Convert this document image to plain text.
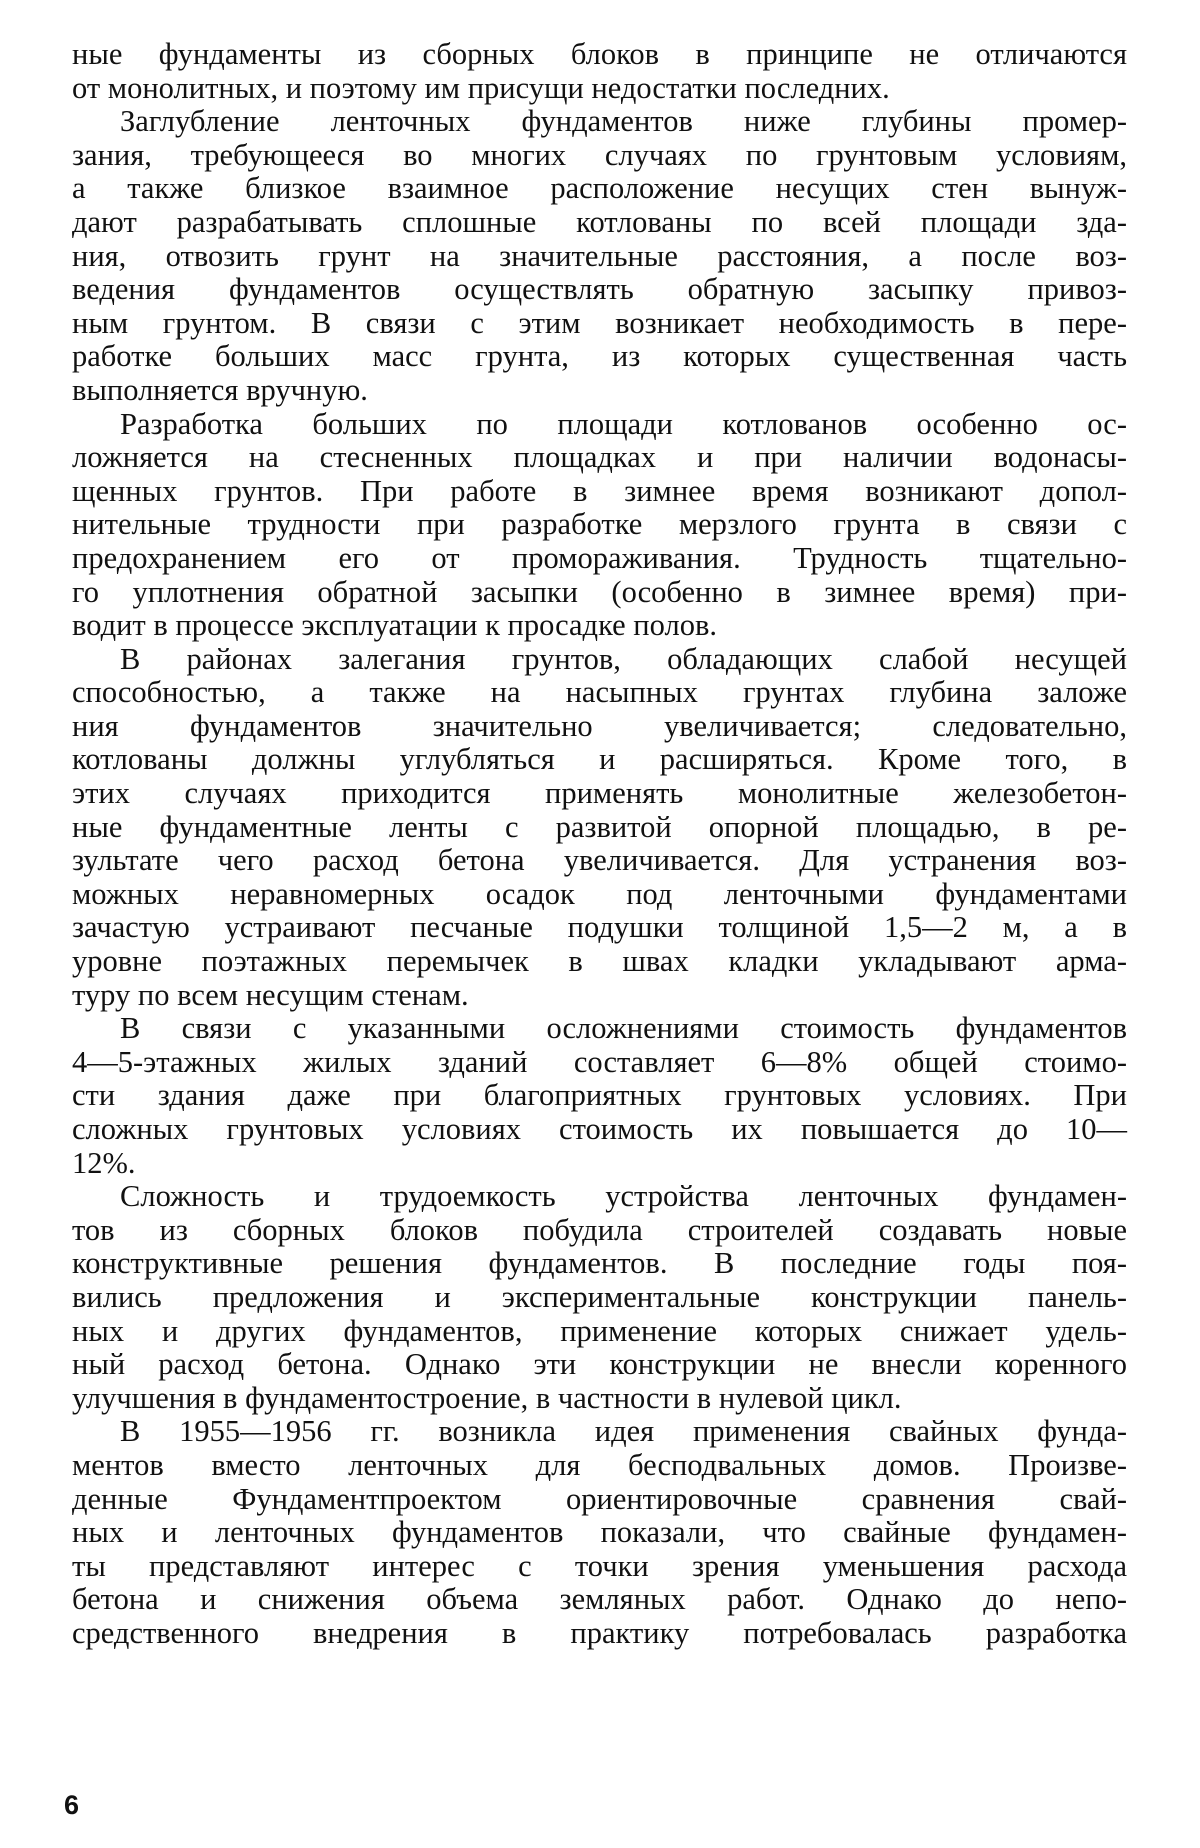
ные фундаменты из сборных блоков в принципе не отличаются
от монолитных, и поэтому им присущи недостатки последних.
Заглубление ленточных фундаментов ниже глубины промер-
зания, требующееся во многих случаях по грунтовым условиям,
а также близкое взаимное расположение несущих стен вынуж-
дают разрабатывать сплошные котлованы по всей площади зда-
ния, отвозить грунт на значительные расстояния, а после воз-
ведения фундаментов осуществлять обратную засыпку привоз-
ным грунтом. В связи с этим возникает необходимость в пере-
работке больших масс грунта, из которых существенная часть
выполняется вручную.
Разработка больших по площади котлованов особенно ос-
ложняется на стесненных площадках и при наличии водонасы-
щенных грунтов. При работе в зимнее время возникают допол-
нительные трудности при разработке мерзлого грунта в связи с
предохранением его от промораживания. Трудность тщательно-
го уплотнения обратной засыпки (особенно в зимнее время) при-
водит в процессе эксплуатации к просадке полов.
В районах залегания грунтов, обладающих слабой несущей
способностью, а также на насыпных грунтах глубина заложе
ния фундаментов значительно увеличивается; следовательно,
котлованы должны углубляться и расширяться. Кроме того, в
этих случаях приходится применять монолитные железобетон-
ные фундаментные ленты с развитой опорной площадью, в ре-
зультате чего расход бетона увеличивается. Для устранения воз-
можных неравномерных осадок под ленточными фундаментами
зачастую устраивают песчаные подушки толщиной 1,5—2 м, а в
уровне поэтажных перемычек в швах кладки укладывают арма-
туру по всем несущим стенам.
В связи с указанными осложнениями стоимость фундаментов
4—5-этажных жилых зданий составляет 6—8% общей стоимо-
сти здания даже при благоприятных грунтовых условиях. При
сложных грунтовых условиях стоимость их повышается до 10—
12%.
Сложность и трудоемкость устройства ленточных фундамен-
тов из сборных блоков побудила строителей создавать новые
конструктивные решения фундаментов. В последние годы поя-
вились предложения и экспериментальные конструкции панель-
ных и других фундаментов, применение которых снижает удель-
ный расход бетона. Однако эти конструкции не внесли коренного
улучшения в фундаментостроение, в частности в нулевой цикл.
В 1955—1956 гг. возникла идея применения свайных фунда-
ментов вместо ленточных для бесподвальных домов. Произве-
денные Фундаментпроектом ориентировочные сравнения свай-
ных и ленточных фундаментов показали, что свайные фундамен-
ты представляют интерес с точки зрения уменьшения расхода
бетона и снижения объема земляных работ. Однако до непо-
средственного внедрения в практику потребовалась разработка
6
